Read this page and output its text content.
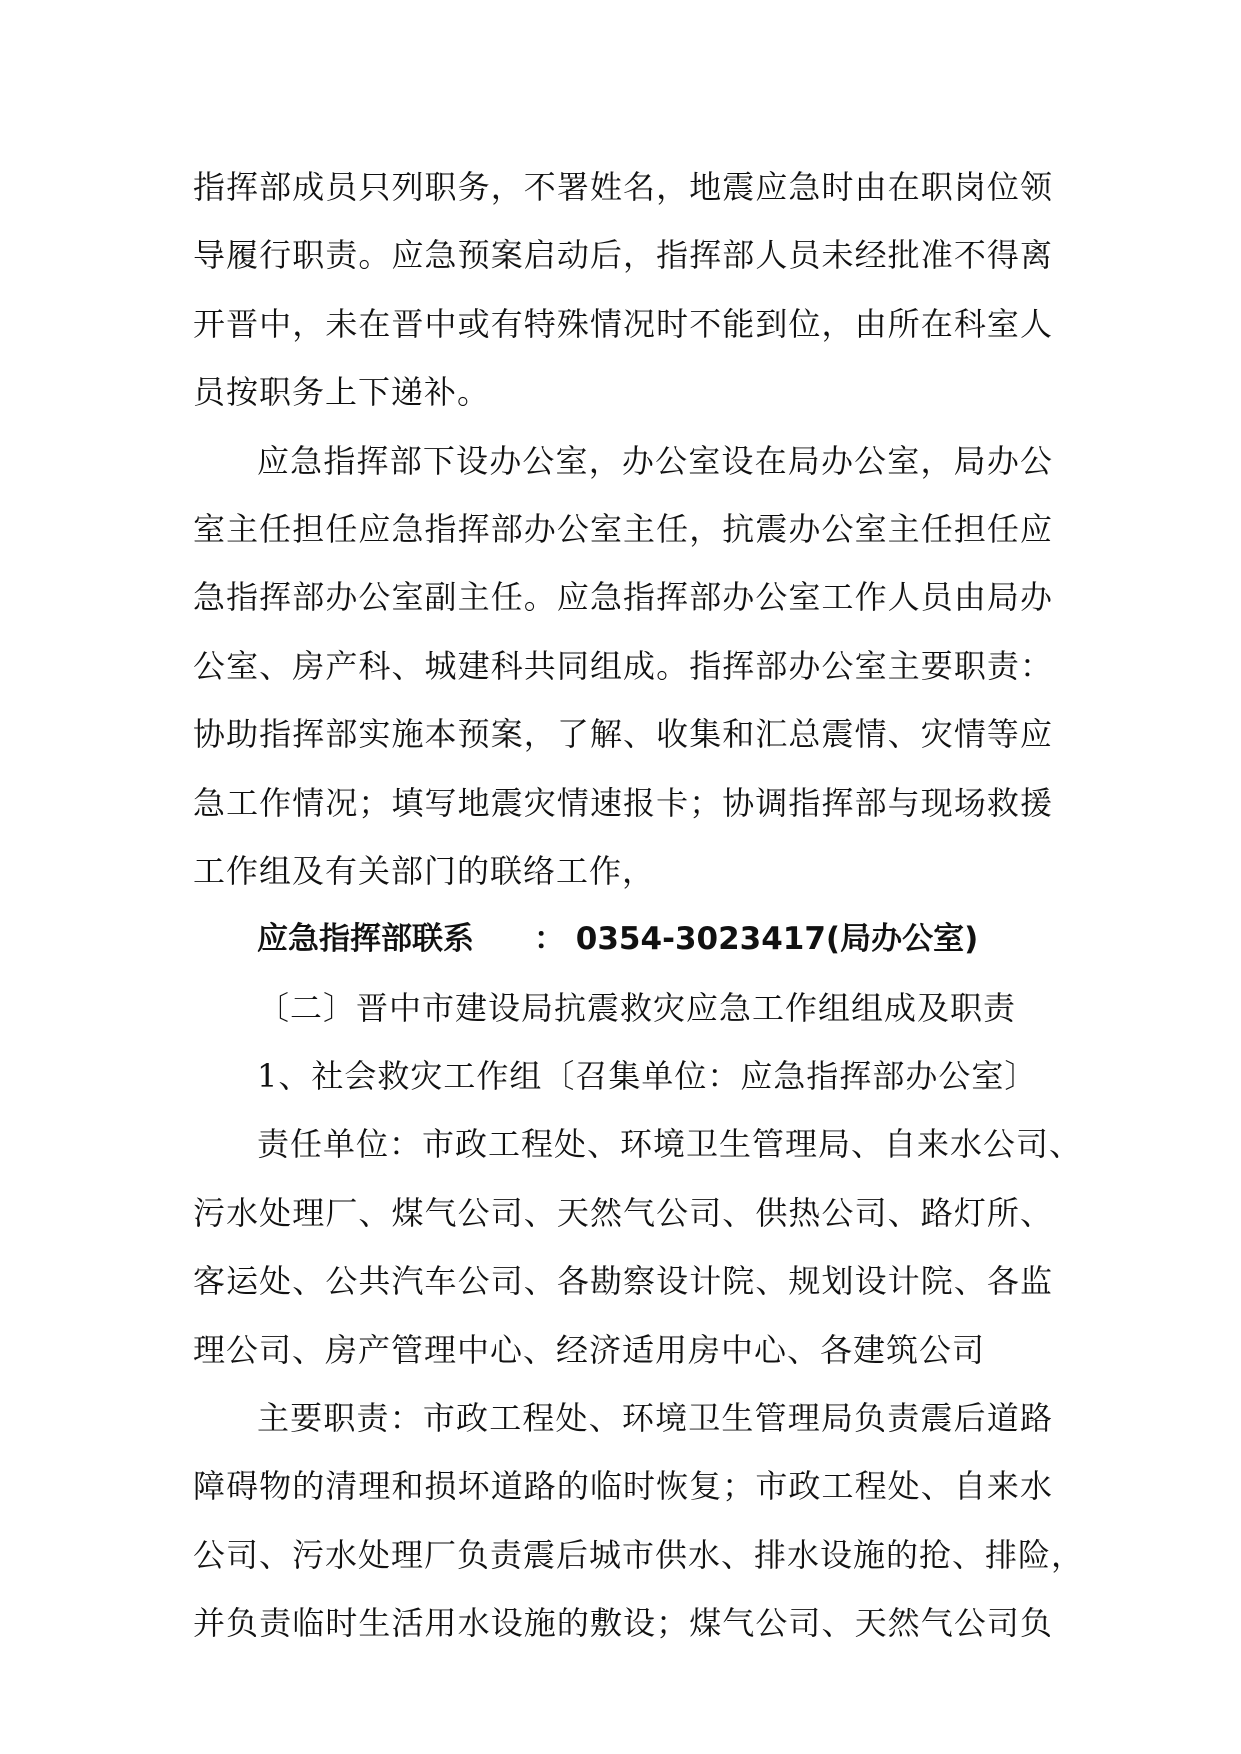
指挥部成员只列职务，不署姓名，地震应急时由在职岗位领
导履行职责。应急预案启动后，指挥部人员未经批准不得离
开晋中，未在晋中或有特殊情况时不能到位，由所在科室人
员按职务上下递补。
应急指挥部下设办公室，办公室设在局办公室，局办公
室主任担任应急指挥部办公室主任，抗震办公室主任担任应
急指挥部办公室副主任。应急指挥部办公室工作人员由局办
公室、房产科、城建科共同组成。指挥部办公室主要职责：
协助指挥部实施本预案，了解、收集和汇总震情、灾情等应
急工作情况；填写地震灾情速报卡；协调指挥部与现场救援
工作组及有关部门的联络工作，
应急指挥部联系 ： 0354-3023417(局办公室)
〔二〕晋中市建设局抗震救灾应急工作组组成及职责
1、社会救灾工作组〔召集单位：应急指挥部办公室〕
责任单位：市政工程处、环境卫生管理局、自来水公司、
污水处理厂、煤气公司、天然气公司、供热公司、路灯所、
客运处、公共汽车公司、各勘察设计院、规划设计院、各监
理公司、房产管理中心、经济适用房中心、各建筑公司
主要职责：市政工程处、环境卫生管理局负责震后道路
障碍物的清理和损坏道路的临时恢复；市政工程处、自来水
公司、污水处理厂负责震后城市供水、排水设施的抢、排险，
并负责临时生活用水设施的敷设；煤气公司、天然气公司负
